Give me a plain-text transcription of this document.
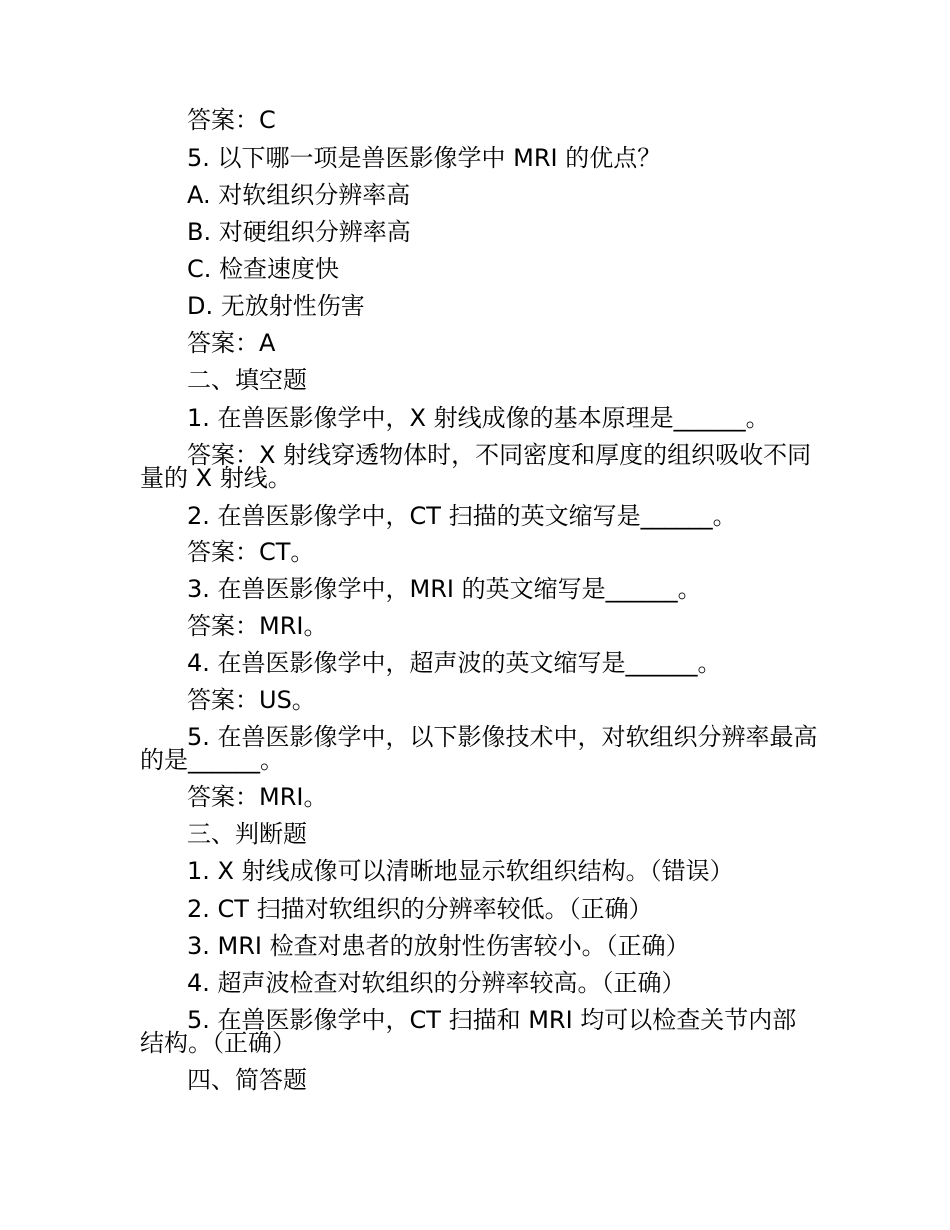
答案：C
5. 以下哪一项是兽医影像学中 MRI 的优点？
A. 对软组织分辨率高
B. 对硬组织分辨率高
C. 检查速度快
D. 无放射性伤害
答案：A
二、填空题
1. 在兽医影像学中，X 射线成像的基本原理是______。
答案：X 射线穿透物体时，不同密度和厚度的组织吸收不同量的 X 射线。
2. 在兽医影像学中，CT 扫描的英文缩写是______。
答案：CT。
3. 在兽医影像学中，MRI 的英文缩写是______。
答案：MRI。
4. 在兽医影像学中，超声波的英文缩写是______。
答案：US。
5. 在兽医影像学中，以下影像技术中，对软组织分辨率最高的是______。
答案：MRI。
三、判断题
1. X 射线成像可以清晰地显示软组织结构。（错误）
2. CT 扫描对软组织的分辨率较低。（正确）
3. MRI 检查对患者的放射性伤害较小。（正确）
4. 超声波检查对软组织的分辨率较高。（正确）
5. 在兽医影像学中，CT 扫描和 MRI 均可以检查关节内部结构。（正确）
四、简答题
